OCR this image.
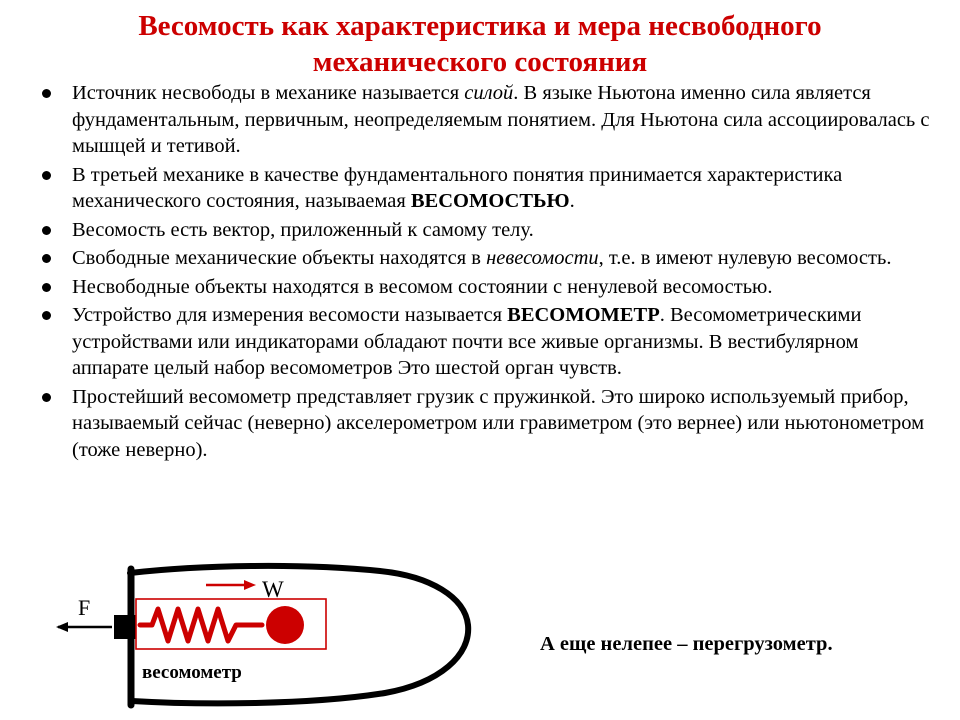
Весомость как характеристика и мера несвободного механического состояния
Источник несвободы в механике называется силой. В языке Ньютона именно сила является фундаментальным, первичным, неопределяемым понятием. Для Ньютона сила ассоциировалась с мышцей и тетивой.
В третьей механике в качестве фундаментального понятия принимается характеристика механического состояния, называемая ВЕСОМОСТЬЮ.
Весомость есть вектор, приложенный к самому телу.
Свободные механические объекты находятся в невесомости, т.е. в имеют нулевую весомость.
Несвободные объекты находятся в весомом состоянии с ненулевой весомостью.
Устройство для измерения весомости называется ВЕСОМОМЕТР. Весомометрическими устройствами или индикаторами обладают почти все живые организмы. В вестибулярном аппарате целый набор весомометров Это шестой орган чувств.
Простейший весомометр представляет грузик с пружинкой. Это широко используемый прибор, называемый сейчас (неверно) акселерометром или гравиметром (это вернее) или ньютонометром (тоже неверно).
F
W
весомометр
А еще нелепее – перегрузометр.
